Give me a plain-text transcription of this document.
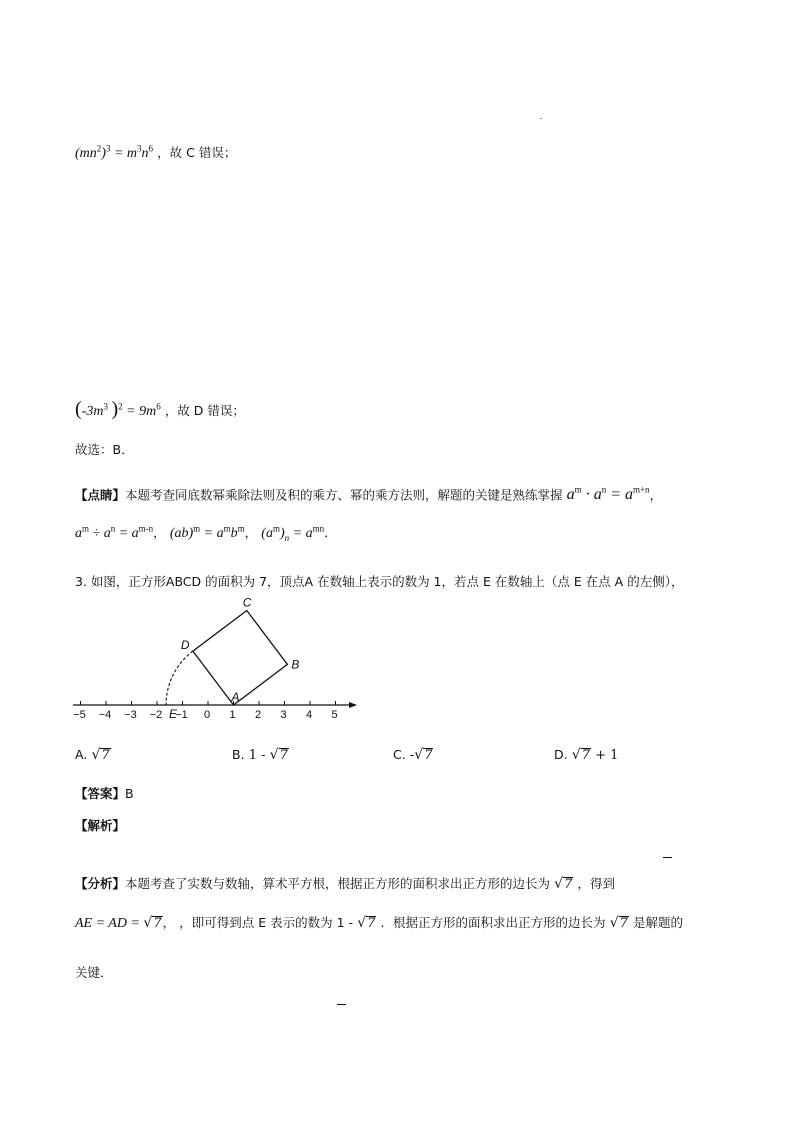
$(mn^2)^3 = m^3n^6$ ，故 C 错误；
($-3m^3$ )$^2 = 9m^6$ ，故 D 错误；
故选：B．
【点睛】本题考查同底数幂乘除法则及积的乘方、幂的乘方法则，解题的关键是熟练掌握 $a^m \cdot a^n = a^{m+n}$，
$a^m \div a^n = a^{m-n}$， $(ab)^m = a^mb^m$， $(a^m)_n = a^{mn}$．
3. 如图，正方形ABCD 的面积为 7，顶点A 在数轴上表示的数为 1，若点 E 在数轴上（点 E 在点 A 的左侧），
−5 −4 −3 −2 −1 0 1 2 3 4 5
A
B
C
D
E
A. √7	B. 1 - √7	C. -√7	D. √7 + 1
【答案】B
【解析】
【分析】本题考查了实数与数轴，算术平方根，根据正方形的面积求出正方形的边长为 √7 ，得到
AE = AD = √7， ，即可得到点 E 表示的数为 1 - √7 ．根据正方形的面积求出正方形的边长为 √7 是解题的
关键．
